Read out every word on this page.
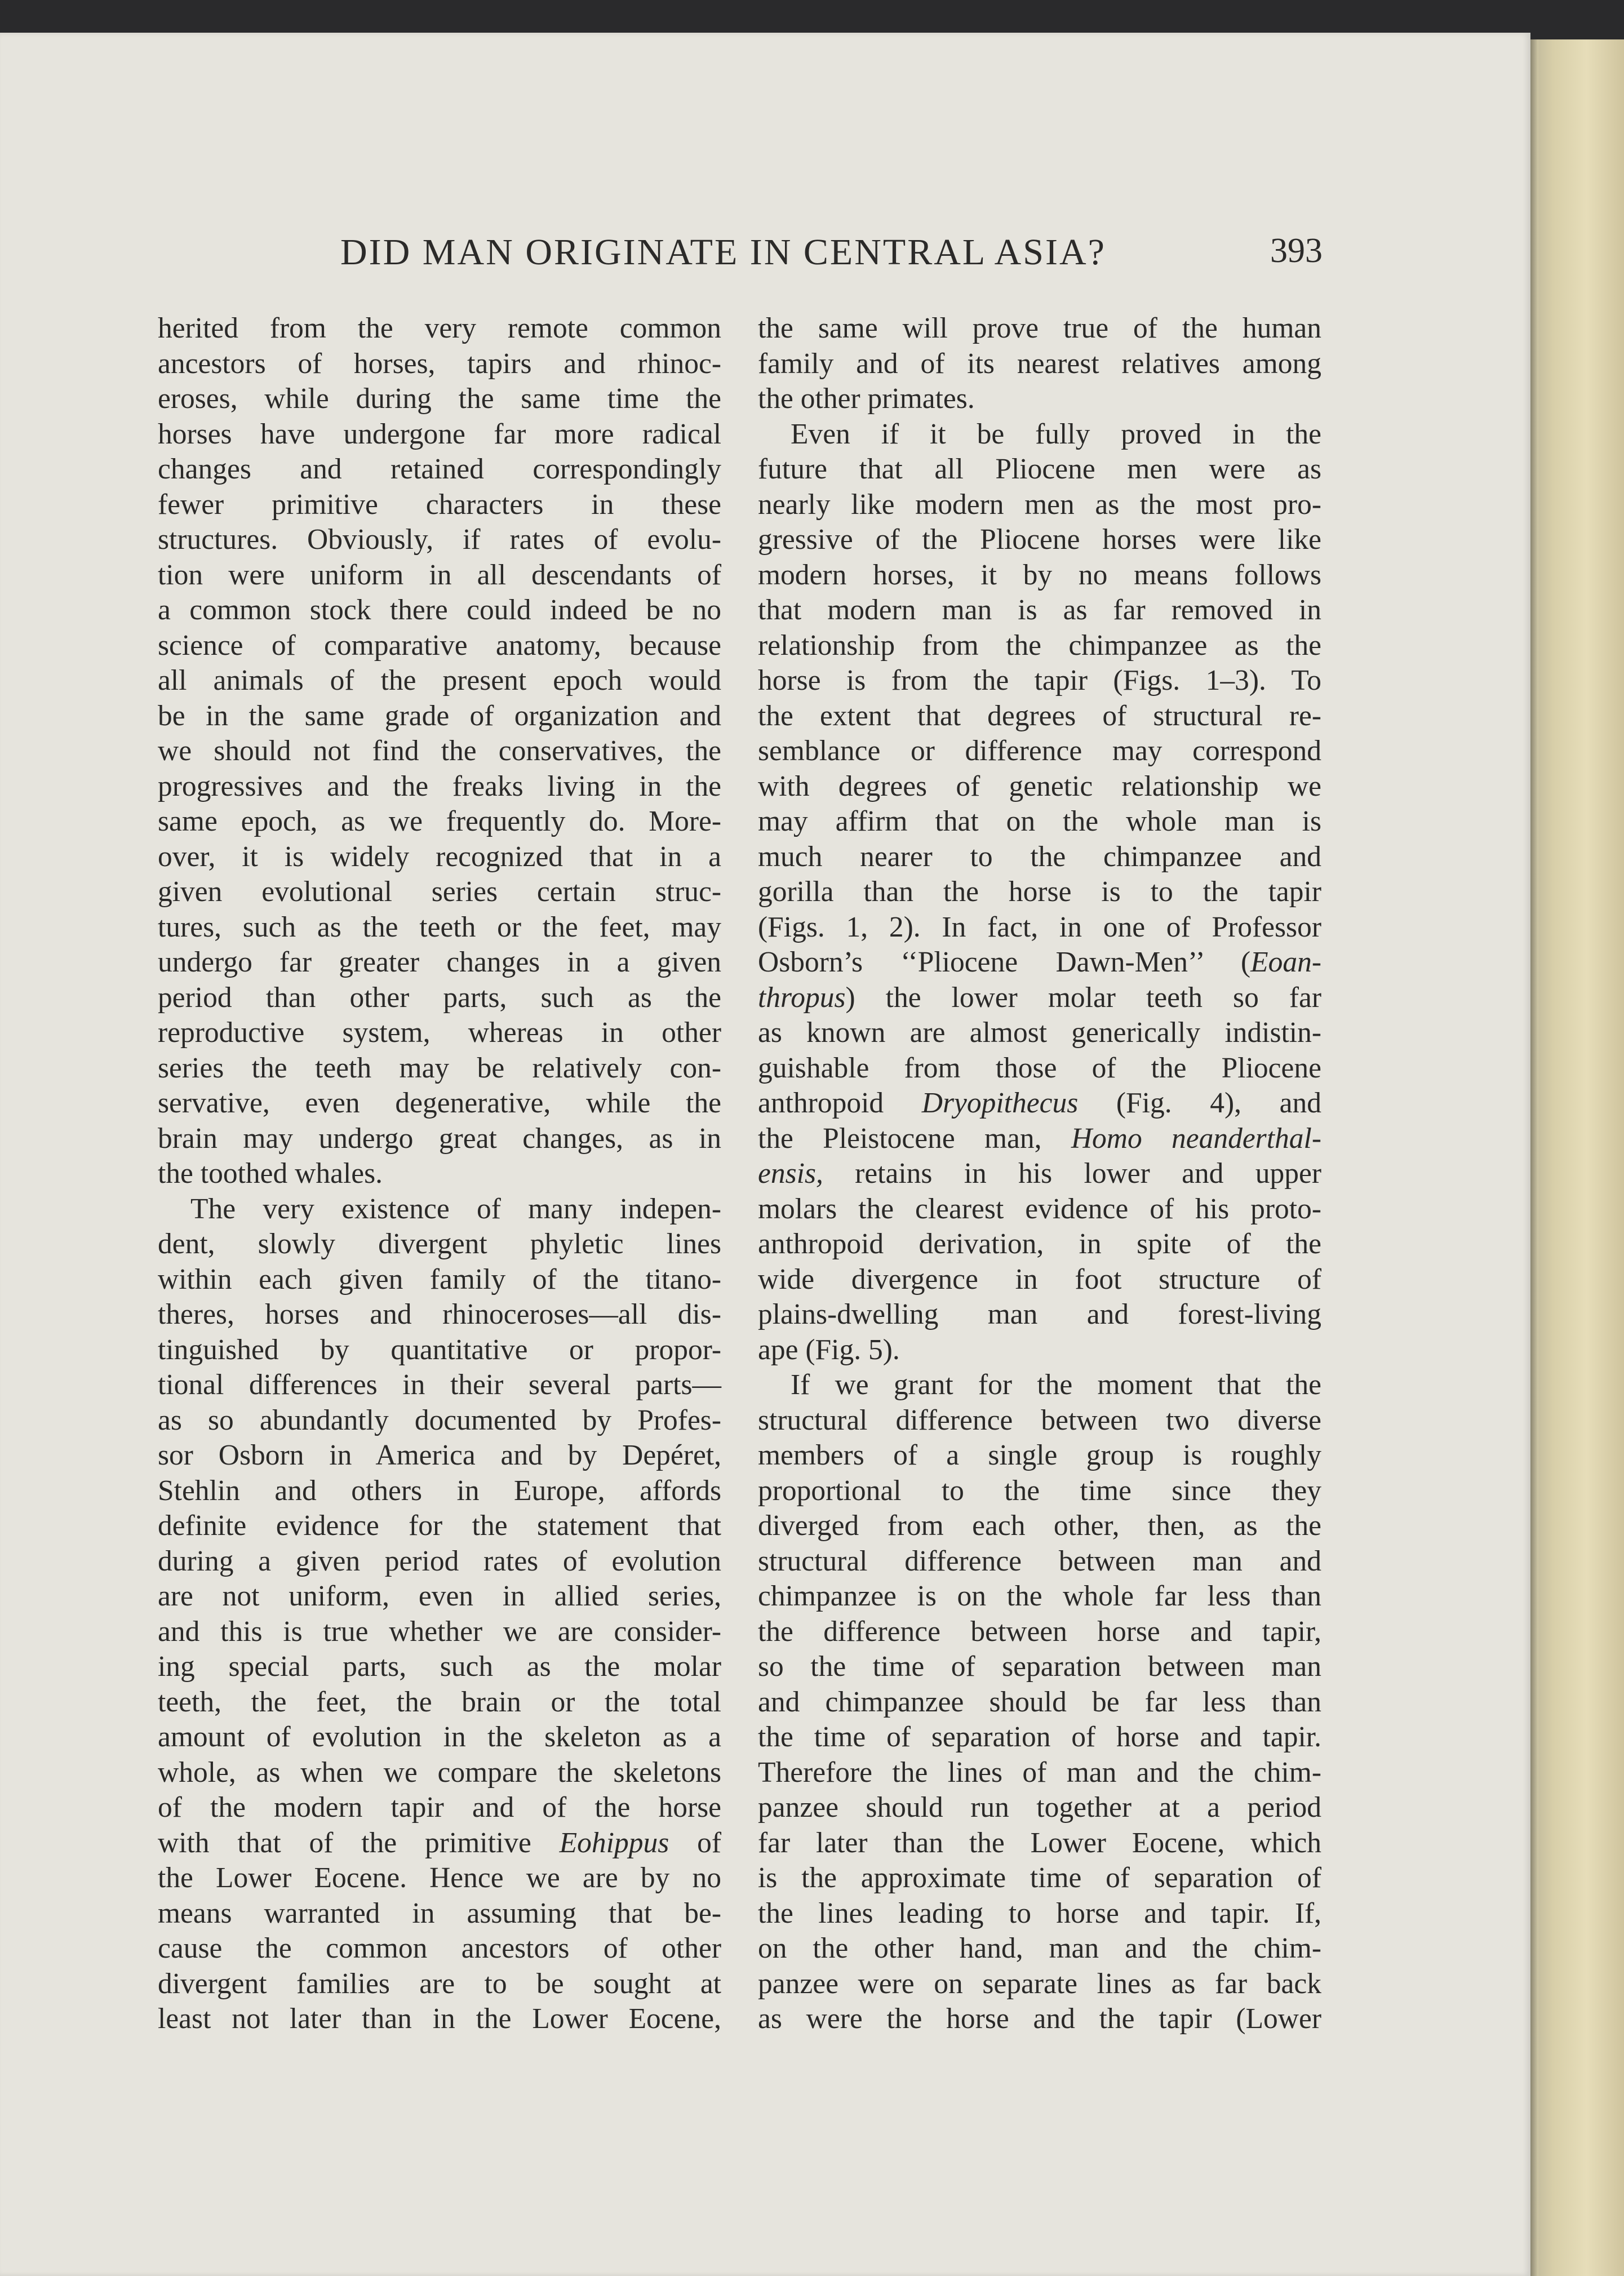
DID MAN ORIGINATE IN CENTRAL ASIA?	393
herited from the very remote common
ancestors of horses, tapirs and rhinoc-
eroses, while during the same time the
horses have undergone far more radical
changes and retained correspondingly
fewer primitive characters in these
structures. Obviously, if rates of evolu-
tion were uniform in all descendants of
a common stock there could indeed be no
science of comparative anatomy, because
all animals of the present epoch would
be in the same grade of organization and
we should not find the conservatives, the
progressives and the freaks living in the
same epoch, as we frequently do. More-
over, it is widely recognized that in a
given evolutional series certain struc-
tures, such as the teeth or the feet, may
undergo far greater changes in a given
period than other parts, such as the
reproductive system, whereas in other
series the teeth may be relatively con-
servative, even degenerative, while the
brain may undergo great changes, as in
the toothed whales.
The very existence of many indepen-
dent, slowly divergent phyletic lines
within each given family of the titano-
theres, horses and rhinoceroses—all dis-
tinguished by quantitative or propor-
tional differences in their several parts—
as so abundantly documented by Profes-
sor Osborn in America and by Depéret,
Stehlin and others in Europe, affords
definite evidence for the statement that
during a given period rates of evolution
are not uniform, even in allied series,
and this is true whether we are consider-
ing special parts, such as the molar
teeth, the feet, the brain or the total
amount of evolution in the skeleton as a
whole, as when we compare the skeletons
of the modern tapir and of the horse
with that of the primitive Eohippus of
the Lower Eocene. Hence we are by no
means warranted in assuming that be-
cause the common ancestors of other
divergent families are to be sought at
least not later than in the Lower Eocene,
the same will prove true of the human
family and of its nearest relatives among
the other primates.
Even if it be fully proved in the
future that all Pliocene men were as
nearly like modern men as the most pro-
gressive of the Pliocene horses were like
modern horses, it by no means follows
that modern man is as far removed in
relationship from the chimpanzee as the
horse is from the tapir (Figs. 1–3). To
the extent that degrees of structural re-
semblance or difference may correspond
with degrees of genetic relationship we
may affirm that on the whole man is
much nearer to the chimpanzee and
gorilla than the horse is to the tapir
(Figs. 1, 2). In fact, in one of Professor
Osborn’s ‘‘Pliocene Dawn-Men’’ (Eoan-
thropus) the lower molar teeth so far
as known are almost generically indistin-
guishable from those of the Pliocene
anthropoid Dryopithecus (Fig. 4), and
the Pleistocene man, Homo neanderthal-
ensis, retains in his lower and upper
molars the clearest evidence of his proto-
anthropoid derivation, in spite of the
wide divergence in foot structure of
plains-dwelling man and forest-living
ape (Fig. 5).
If we grant for the moment that the
structural difference between two diverse
members of a single group is roughly
proportional to the time since they
diverged from each other, then, as the
structural difference between man and
chimpanzee is on the whole far less than
the difference between horse and tapir,
so the time of separation between man
and chimpanzee should be far less than
the time of separation of horse and tapir.
Therefore the lines of man and the chim-
panzee should run together at a period
far later than the Lower Eocene, which
is the approximate time of separation of
the lines leading to horse and tapir. If,
on the other hand, man and the chim-
panzee were on separate lines as far back
as were the horse and the tapir (Lower
